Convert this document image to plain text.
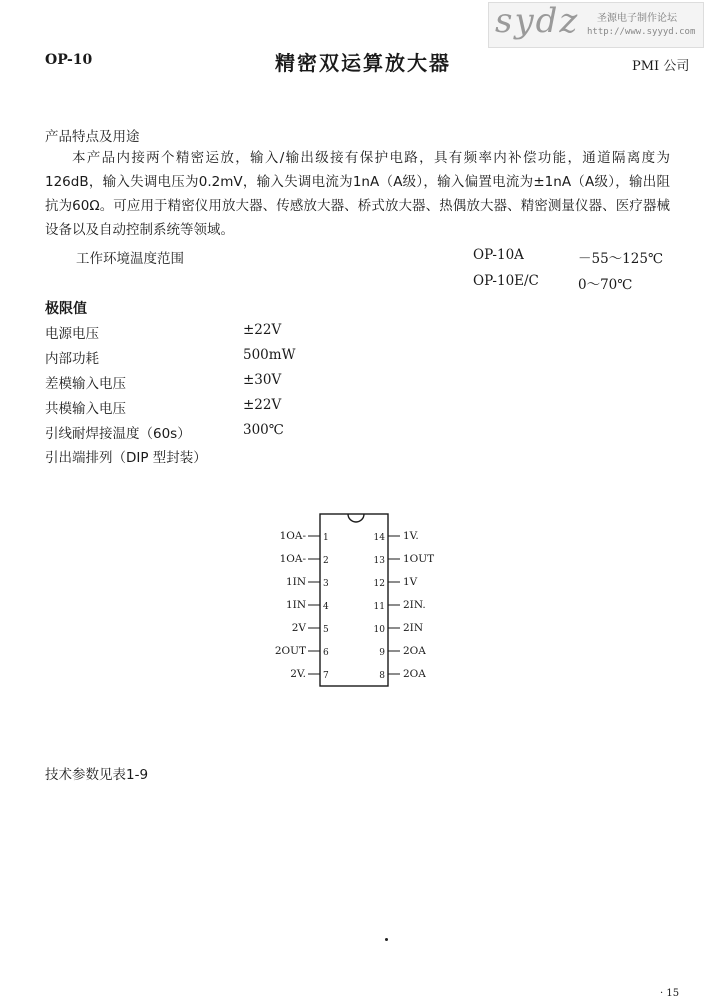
sydz 圣源电子制作论坛
http://www.syyyd.com
OP-10	精密双运算放大器	PMI 公司
产品特点及用途
本产品内接两个精密运放，输入/输出级接有保护电路，具有频率内补偿功能，通道隔离度为126dB，输入失调电压为0.2mV，输入失调电流为1nA（A级），输入偏置电流为±1nA（A级），输出阻抗为60Ω。可应用于精密仪用放大器、传感放大器、桥式放大器、热偶放大器、精密测量仪器、医疗器械设备以及自动控制系统等领域。
工作环境温度范围	OP-10A	－55～125℃
OP-10E/C	0～70℃
极限值
电源电压	±22V
内部功耗	500mW
差模输入电压	±30V
共模输入电压	±22V
引线耐焊接温度（60s）	300℃
引出端排列（DIP 型封装）
1
2
3
4
5
6
7
14
13
12
11
10
9
8
1OA-
1OA-
1IN
1IN
2V
2OUT
2V.
1V.
1OUT
1V
2IN.
2IN
2OA
2OA
技术参数见表1-9
· 15
